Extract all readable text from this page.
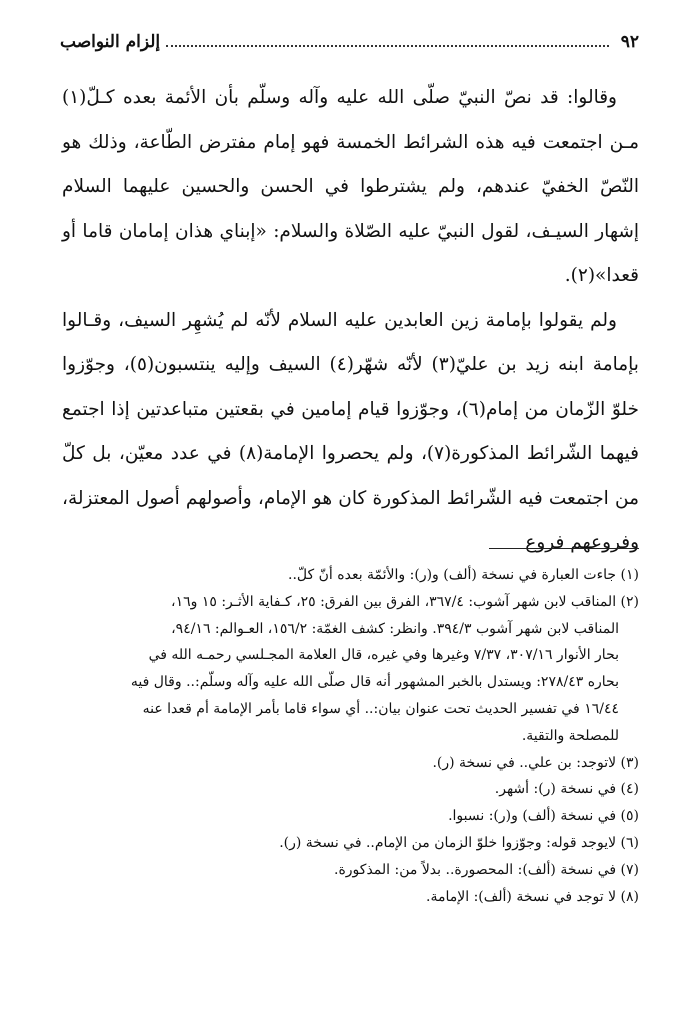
٩٢
إلزام النواصب

وقالوا: قد نصّ النبيّ صلّى الله عليه وآله وسلّم بأن الأئمة بعده كـلّ(١) مـن اجتمعت فيه هذه الشرائط الخمسة فهو إمام مفترض الطّاعة، وذلك هو النّصّ الخفيّ عندهم، ولم يشترطوا في الحسن والحسين عليهما السلام إشهار السيـف، لقول النبيّ عليه الصّلاة والسلام: «إبناي هذان إمامان قاما أو قعدا»(٢).

ولم يقولوا بإمامة زين العابدين عليه السلام لأنّه لم يُشهِر السيف، وقـالوا بإمامة ابنه زيد بن عليّ(٣) لأنّه شهّر(٤) السيف وإليه ينتسبون(٥)، وجوّزوا خلوّ الزّمان من إمام(٦)، وجوّزوا قيام إمامين في بقعتين متباعدتين إذا اجتمع فيهما الشّرائط المذكورة(٧)، ولم يحصروا الإمامة(٨) في عدد معيّن، بل كلّ من اجتمعت فيه الشّرائط المذكورة كان هو الإمام، وأصولهم أصول المعتزلة، وفروعهم فروع

(١) جاءت العبارة في نسخة (ألف) و(ر): والأئمّة بعده أنّ كلّ..
(٢) المناقب لابن شهر آشوب: ٣٦٧/٤، الفرق بين الفرق: ٢٥، كـفاية الأثـر: ١٥ و١٦،
المناقب لابن شهر آشوب ٣٩٤/٣. وانظر: كشف الغمّة: ١٥٦/٢، العـوالم: ٩٤/١٦،
بحار الأنوار ٣٠٧/١٦، ٧/٣٧ وغيرها وفي غيره، قال العلامة المجـلسي رحمـه الله في
بحاره ٢٧٨/٤٣: ويستدل بالخبر المشهور أنه قال صلّى الله عليه وآله وسلّم:.. وقال فيه
١٦/٤٤ في تفسير الحديث تحت عنوان بيان:.. أي سواء قاما بأمر الإمامة أم قعدا عنه
للمصلحة والتقية.
(٣) لاتوجد: بن علي.. في نسخة (ر).
(٤) في نسخة (ر): أشهر.
(٥) في نسخة (ألف) و(ر): نسبوا.
(٦) لايوجد قوله: وجوّزوا خلوّ الزمان من الإمام.. في نسخة (ر).
(٧) في نسخة (ألف): المحصورة.. بدلاً من: المذكورة.
(٨) لا توجد في نسخة (ألف): الإمامة.
